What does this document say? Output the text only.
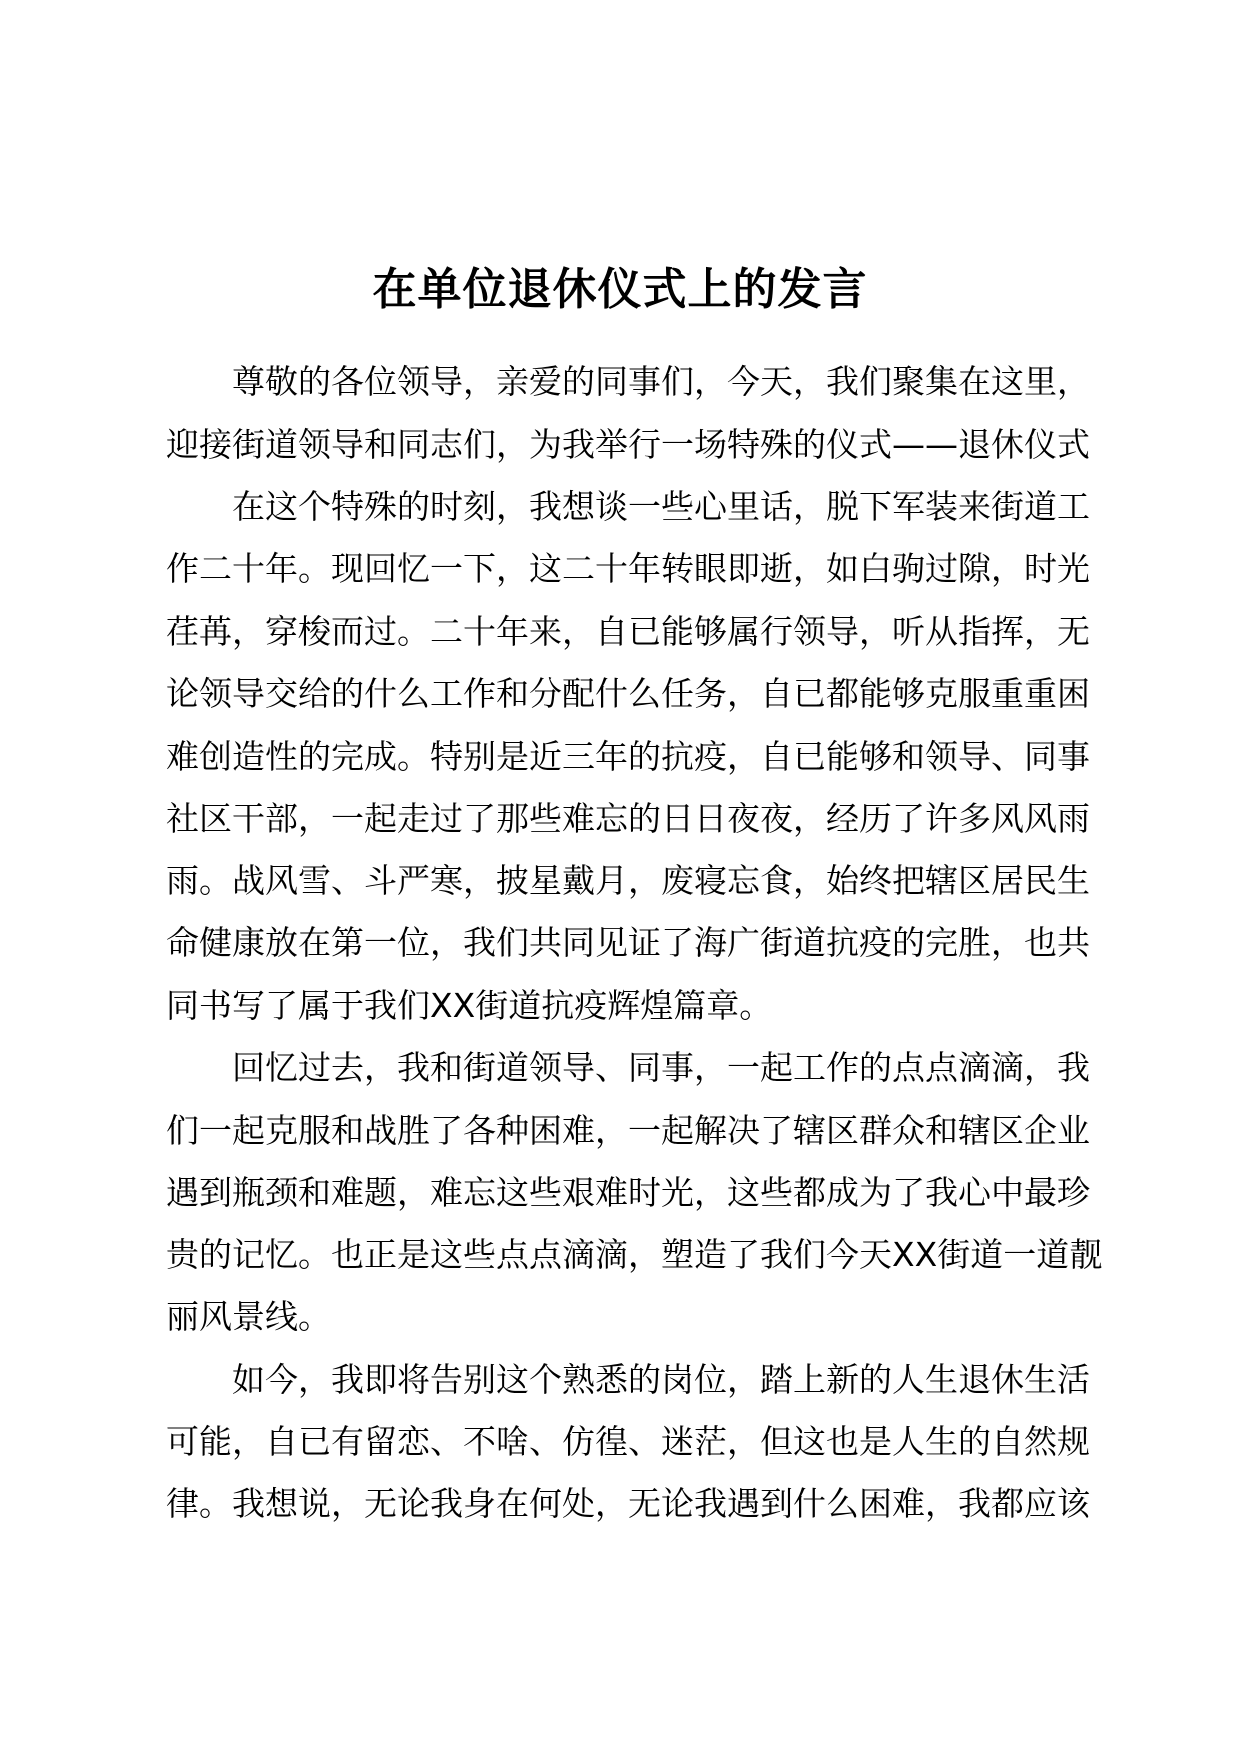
在单位退休仪式上的发言
尊敬的各位领导，亲爱的同事们，今天，我们聚集在这里，
迎接街道领导和同志们，为我举行一场特殊的仪式——退休仪式
在这个特殊的时刻，我想谈一些心里话，脱下军装来街道工
作二十年。现回忆一下，这二十年转眼即逝，如白驹过隙，时光
荏苒，穿梭而过。二十年来，自已能够属行领导，听从指挥，无
论领导交给的什么工作和分配什么任务，自已都能够克服重重困
难创造性的完成。特别是近三年的抗疫，自已能够和领导、同事
社区干部，一起走过了那些难忘的日日夜夜，经历了许多风风雨
雨。战风雪、斗严寒，披星戴月，废寝忘食，始终把辖区居民生
命健康放在第一位，我们共同见证了海广街道抗疫的完胜，也共
同书写了属于我们XX街道抗疫辉煌篇章。
回忆过去，我和街道领导、同事，一起工作的点点滴滴，我
们一起克服和战胜了各种困难，一起解决了辖区群众和辖区企业
遇到瓶颈和难题，难忘这些艰难时光，这些都成为了我心中最珍
贵的记忆。也正是这些点点滴滴，塑造了我们今天XX街道一道靓
丽风景线。
如今，我即将告别这个熟悉的岗位，踏上新的人生退休生活
可能，自已有留恋、不啥、仿徨、迷茫，但这也是人生的自然规
律。我想说，无论我身在何处，无论我遇到什么困难，我都应该
